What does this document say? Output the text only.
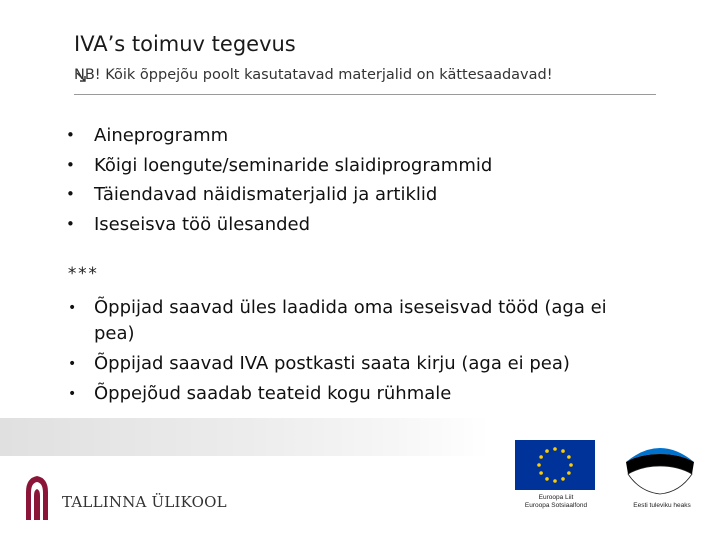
IVA’s toimuv tegevus
NB! Kõik õppejõu poolt kasutatavad materjalid on kättesaadavad!
• Aineprogramm
• Kõigi loengute/seminaride slaidiprogrammid
• Täiendavad näidismaterjalid ja artiklid
• Iseseisva töö ülesanded
***
• Õppijad saavad üles laadida oma iseseisvad tööd (aga ei pea)
• Õppijad saavad IVA postkasti saata kirju (aga ei pea)
• Õppejõud saadab teateid kogu rühmale
TALLINNA ÜLIKOOL	Euroopa Liit
Euroopa Sotsiaalfond	Eesti tuleviku heaks
